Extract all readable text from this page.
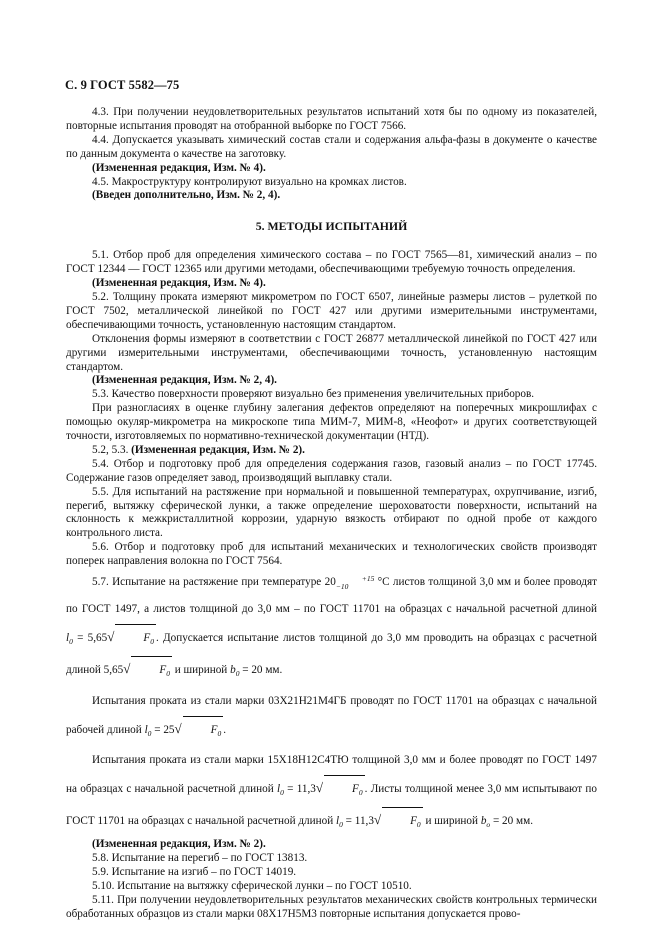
С. 9 ГОСТ 5582—75

4.3. При получении неудовлетворительных результатов испытаний хотя бы по одному из показателей, повторные испытания проводят на отобранной выборке по ГОСТ 7566.

4.4. Допускается указывать химический состав стали и содержания альфа-фазы в документе о качестве по данным документа о качестве на заготовку.

(Измененная редакция, Изм. № 4).

4.5. Макроструктуру контролируют визуально на кромках листов.

(Введен дополнительно, Изм. № 2, 4).

5. МЕТОДЫ ИСПЫТАНИЙ

5.1. Отбор проб для определения химического состава – по ГОСТ 7565—81, химический анализ – по ГОСТ 12344 — ГОСТ 12365 или другими методами, обеспечивающими требуемую точность определения.

(Измененная редакция, Изм. № 4).

5.2. Толщину проката измеряют микрометром по ГОСТ 6507, линейные размеры листов – рулеткой по ГОСТ 7502, металлической линейкой по ГОСТ 427 или другими измерительными инструментами, обеспечивающими точность, установленную настоящим стандартом.

Отклонения формы измеряют в соответствии с ГОСТ 26877 металлической линейкой по ГОСТ 427 или другими измерительными инструментами, обеспечивающими точность, установленную настоящим стандартом.

(Измененная редакция, Изм. № 2, 4).

5.3. Качество поверхности проверяют визуально без применения увеличительных приборов.

При разногласиях в оценке глубину залегания дефектов определяют на поперечных микрошлифах с помощью окуляр-микрометра на микроскопе типа МИМ-7, МИМ-8, «Неофот» и других соответствующей точности, изготовляемых по нормативно-технической документации (НТД).

5.2, 5.3. (Измененная редакция, Изм. № 2).

5.4. Отбор и подготовку проб для определения содержания газов, газовый анализ – по ГОСТ 17745. Содержание газов определяет завод, производящий выплавку стали.

5.5. Для испытаний на растяжение при нормальной и повышенной температурах, охрупчивание, изгиб, перегиб, вытяжку сферической лунки, а также определение шероховатости поверхности, испытаний на склонность к межкристаллитной коррозии, ударную вязкость отбирают по одной пробе от каждого контрольного листа.

5.6. Отбор и подготовку проб для испытаний механических и технологических свойств производят поперек направления волокна по ГОСТ 7564.

5.7. Испытание на растяжение при температуре 20	+15
−10	°С листов толщиной 3,0 мм и более проводят по ГОСТ 1497, а листов толщиной до 3,0 мм – по ГОСТ 11701 на образцах с начальной расчетной длиной $l_0 = 5,65√$	$F_0$ . Допускается испытание листов толщиной до 3,0 мм проводить на образцах с расчетной длиной 5,65√	$F_0$ и шириной $b_0 = 20$ мм.

Испытания проката из стали марки 03Х21Н21М4ГБ проводят по ГОСТ 11701 на образцах с начальной рабочей длиной $l_0 = 25√$	$F_0$ .

Испытания проката из стали марки 15Х18Н12С4ТЮ толщиной 3,0 мм и более проводят по ГОСТ 1497 на образцах с начальной расчетной длиной $l_0 = 11,3√$	$F_0$ . Листы толщиной менее 3,0 мм испытывают по ГОСТ 11701 на образцах с начальной расчетной длиной $l_0 = 11,3√$	$F_0$ и шириной $b_о = 20$ мм.

(Измененная редакция, Изм. № 2).

5.8. Испытание на перегиб – по ГОСТ 13813.

5.9. Испытание на изгиб – по ГОСТ 14019.

5.10. Испытание на вытяжку сферической лунки – по ГОСТ 10510.

5.11. При получении неудовлетворительных результатов механических свойств контрольных термически обработанных образцов из стали марки 08Х17Н5М3 повторные испытания допускается прово-
